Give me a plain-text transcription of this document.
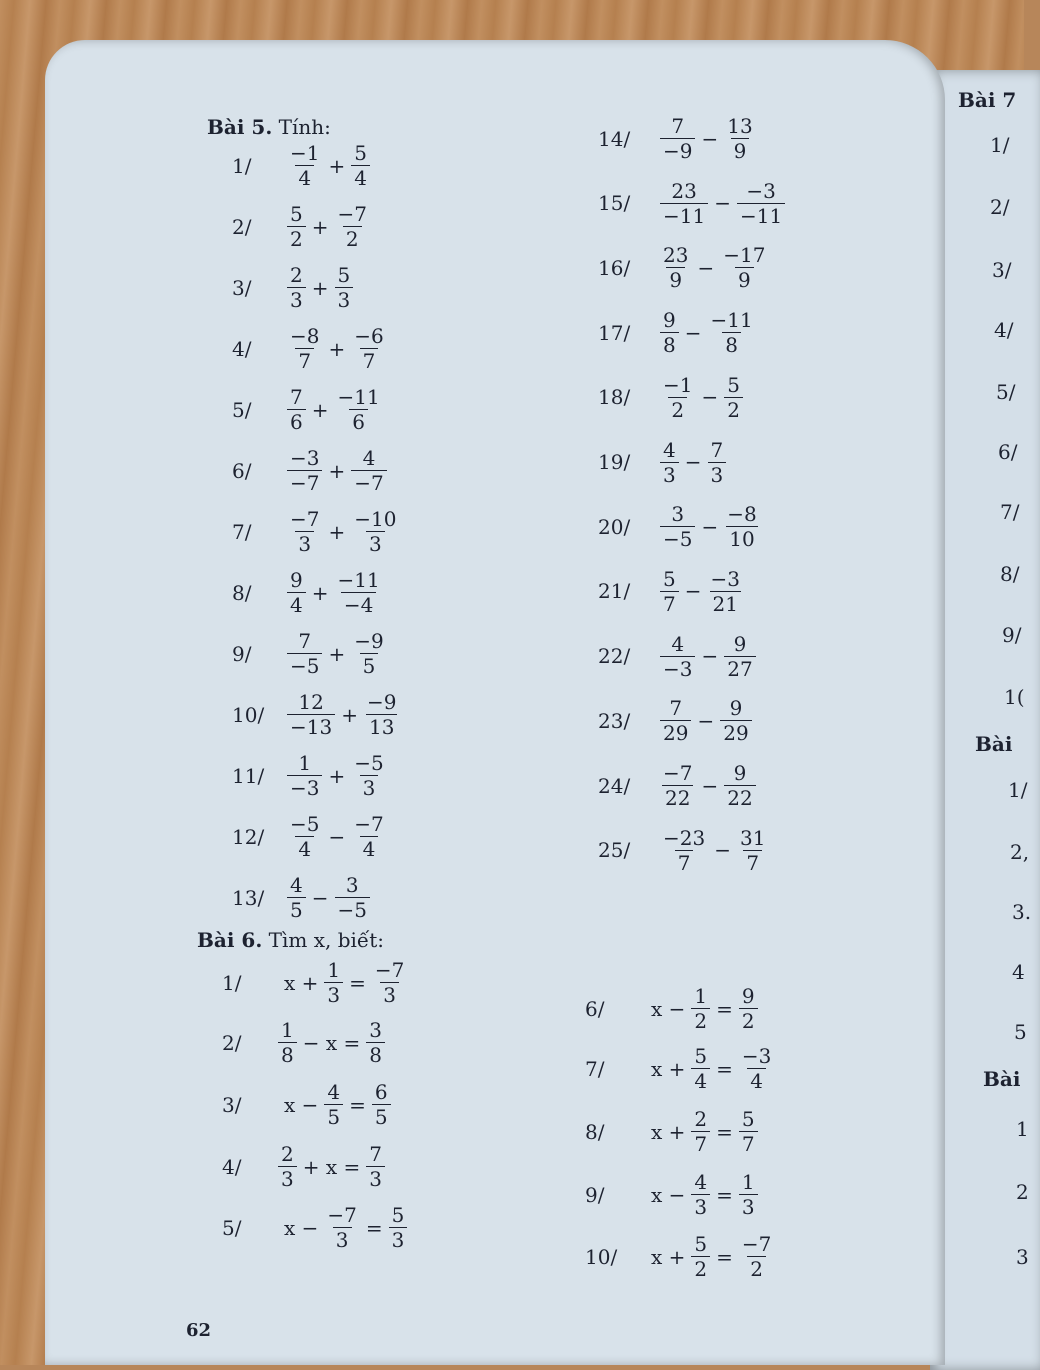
Bài 5. Tính:
1/	$\frac{-1}{4} + \frac{5}{4}$
2/	$\frac{5}{2} + \frac{-7}{2}$
3/	$\frac{2}{3} + \frac{5}{3}$
4/	$\frac{-8}{7} + \frac{-6}{7}$
5/	$\frac{7}{6} + \frac{-11}{6}$
6/	$\frac{-3}{-7} + \frac{4}{-7}$
7/	$\frac{-7}{3} + \frac{-10}{3}$
8/	$\frac{9}{4} + \frac{-11}{-4}$
9/	$\frac{7}{-5} + \frac{-9}{5}$
10/	$\frac{12}{-13} + \frac{-9}{13}$
11/	$\frac{1}{-3} + \frac{-5}{3}$
12/	$\frac{-5}{4} - \frac{-7}{4}$
13/	$\frac{4}{5} - \frac{3}{-5}$
14/	$\frac{7}{-9} - \frac{13}{9}$
15/	$\frac{23}{-11} - \frac{-3}{-11}$
16/	$\frac{23}{9} - \frac{-17}{9}$
17/	$\frac{9}{8} - \frac{-11}{8}$
18/	$\frac{-1}{2} - \frac{5}{2}$
19/	$\frac{4}{3} - \frac{7}{3}$
20/	$\frac{3}{-5} - \frac{-8}{10}$
21/	$\frac{5}{7} - \frac{-3}{21}$
22/	$\frac{4}{-3} - \frac{9}{27}$
23/	$\frac{7}{29} - \frac{9}{29}$
24/	$\frac{-7}{22} - \frac{9}{22}$
25/	$\frac{-23}{7} - \frac{31}{7}$
Bài 6. Tìm x, biết:
1/	$x + \frac{1}{3} = \frac{-7}{3}$
2/	$\frac{1}{8} - x = \frac{3}{8}$
3/	$x - \frac{4}{5} = \frac{6}{5}$
4/	$\frac{2}{3} + x = \frac{7}{3}$
5/	$x - \frac{-7}{3} = \frac{5}{3}$
6/	$x - \frac{1}{2} = \frac{9}{2}$
7/	$x + \frac{5}{4} = \frac{-3}{4}$
8/	$x + \frac{2}{7} = \frac{5}{7}$
9/	$x - \frac{4}{3} = \frac{1}{3}$
10/	$x + \frac{5}{2} = \frac{-7}{2}$
62
Bài 7
Bài
Bài
1/
2/
3/
4/
5/
6/
7/
8/
9/
1(
1/
2,
3.
4
5
1
2
3
